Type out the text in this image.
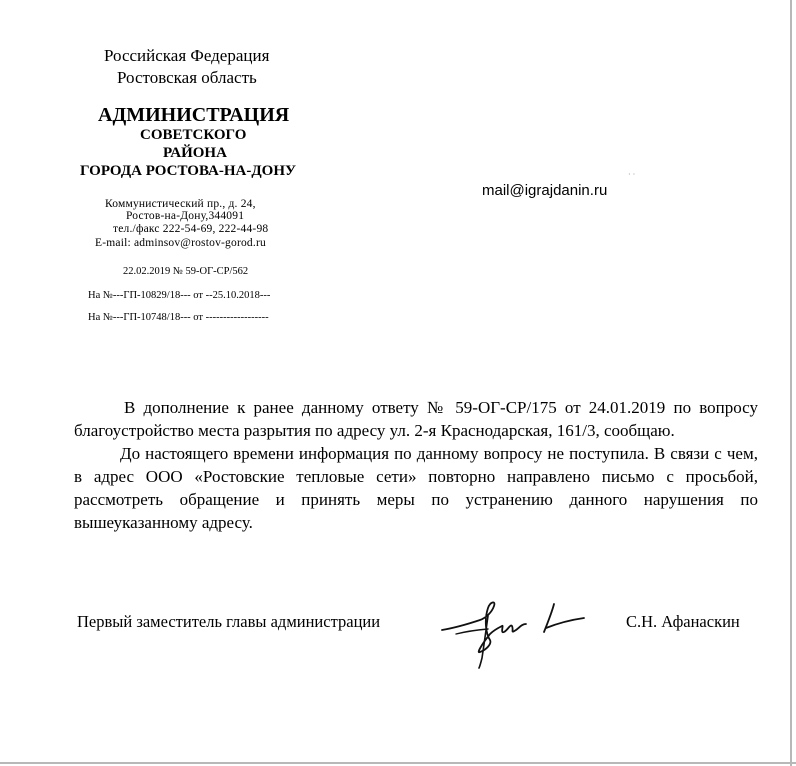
Российская Федерация
Ростовская область
АДМИНИСТРАЦИЯ
СОВЕТСКОГО
РАЙОНА
ГОРОДА РОСТОВА-НА-ДОНУ
Коммунистический пр., д. 24,
Ростов-на-Дону,344091
тел./факс 222-54-69, 222-44-98
E-mail: adminsov@rostov-gorod.ru
22.02.2019 № 59-ОГ-СР/562
На №---ГП-10829/18--- от --25.10.2018---
На №---ГП-10748/18--- от ------------------
· ·
mail@igrajdanin.ru

В дополнение к ранее данному ответу № 59-ОГ-СР/175 от 24.01.2019 по вопросу благоустройство места разрытия по адресу ул. 2-я Краснодарская, 161/3, сообщаю.

До настоящего времени информация по данному вопросу не поступила. В связи с чем, в адрес ООО «Ростовские тепловые сети» повторно направлено письмо с просьбой, рассмотреть обращение и принять меры по устранению данного нарушения по вышеуказанному адресу.

Первый заместитель главы администрации	С.Н. Афанаскин
